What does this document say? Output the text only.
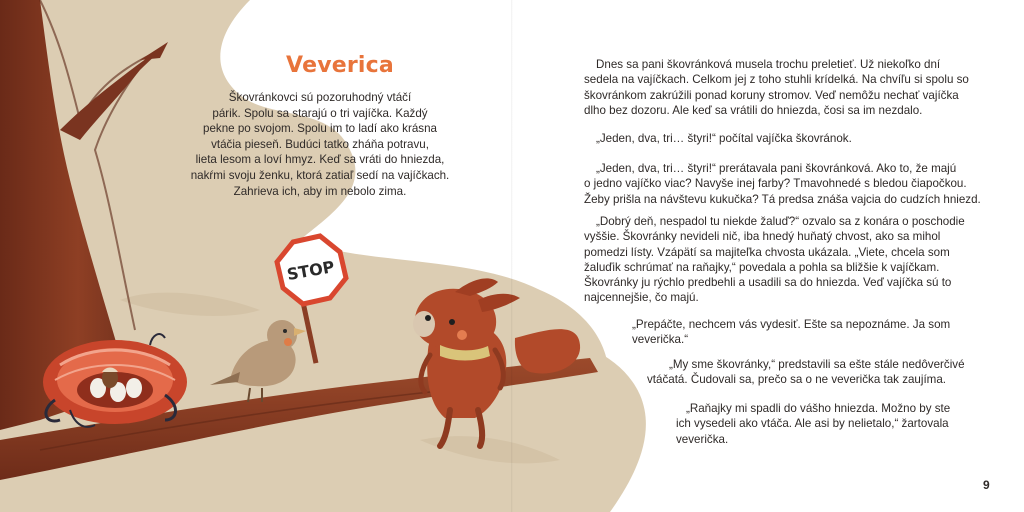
STOP
Veverica
Škovránkovci sú pozoruhodný vtáčí
párik. Spolu sa starajú o tri vajíčka. Každý
pekne po svojom. Spolu im to ladí ako krásna
vtáčia pieseň. Budúci tatko zháňa potravu,
lieta lesom a loví hmyz. Keď sa vráti do hniezda,
nakŕmi svoju ženku, ktorá zatiaľ sedí na vajíčkach.
Zahrieva ich, aby im nebolo zima.
Dnes sa pani škovránková musela trochu preletieť. Už niekoľko dní
sedela na vajíčkach. Celkom jej z toho stuhli krídelká. Na chvíľu si spolu so
škovránkom zakrúžili ponad koruny stromov. Veď nemôžu nechať vajíčka
dlho bez dozoru. Ale keď sa vrátili do hniezda, čosi sa im nezdalo.
„Jeden, dva, tri… štyri!“ počítal vajíčka škovránok.
„Jeden, dva, tri… štyri!“ prerátavala pani škovránková. Ako to, že majú
o jedno vajíčko viac? Navyše inej farby? Tmavohnedé s bledou čiapočkou.
Žeby prišla na návštevu kukučka? Tá predsa znáša vajcia do cudzích hniezd.
„Dobrý deň, nespadol tu niekde žaluď?“ ozvalo sa z konára o poschodie
vyššie. Škovránky nevideli nič, iba hnedý huňatý chvost, ako sa mihol
pomedzi lísty. Vzápätí sa majiteľka chvosta ukázala. „Viete, chcela som
žaluďik schrúmať na raňajky,“ povedala a pohla sa bližšie k vajíčkam.
Škovránky ju rýchlo predbehli a usadili sa do hniezda. Veď vajíčka sú to
najcennejšie, čo majú.
„Prepáčte, nechcem vás vydesiť. Ešte sa nepoznáme. Ja som
veverička.“
„My sme škovránky,“ predstavili sa ešte stále nedôverčivé
vtáčatá. Čudovali sa, prečo sa o ne veverička tak zaujíma.
„Raňajky mi spadli do vášho hniezda. Možno by ste
ich vysedeli ako vtáča. Ale asi by nelietalo,“ žartovala
veverička.
9
